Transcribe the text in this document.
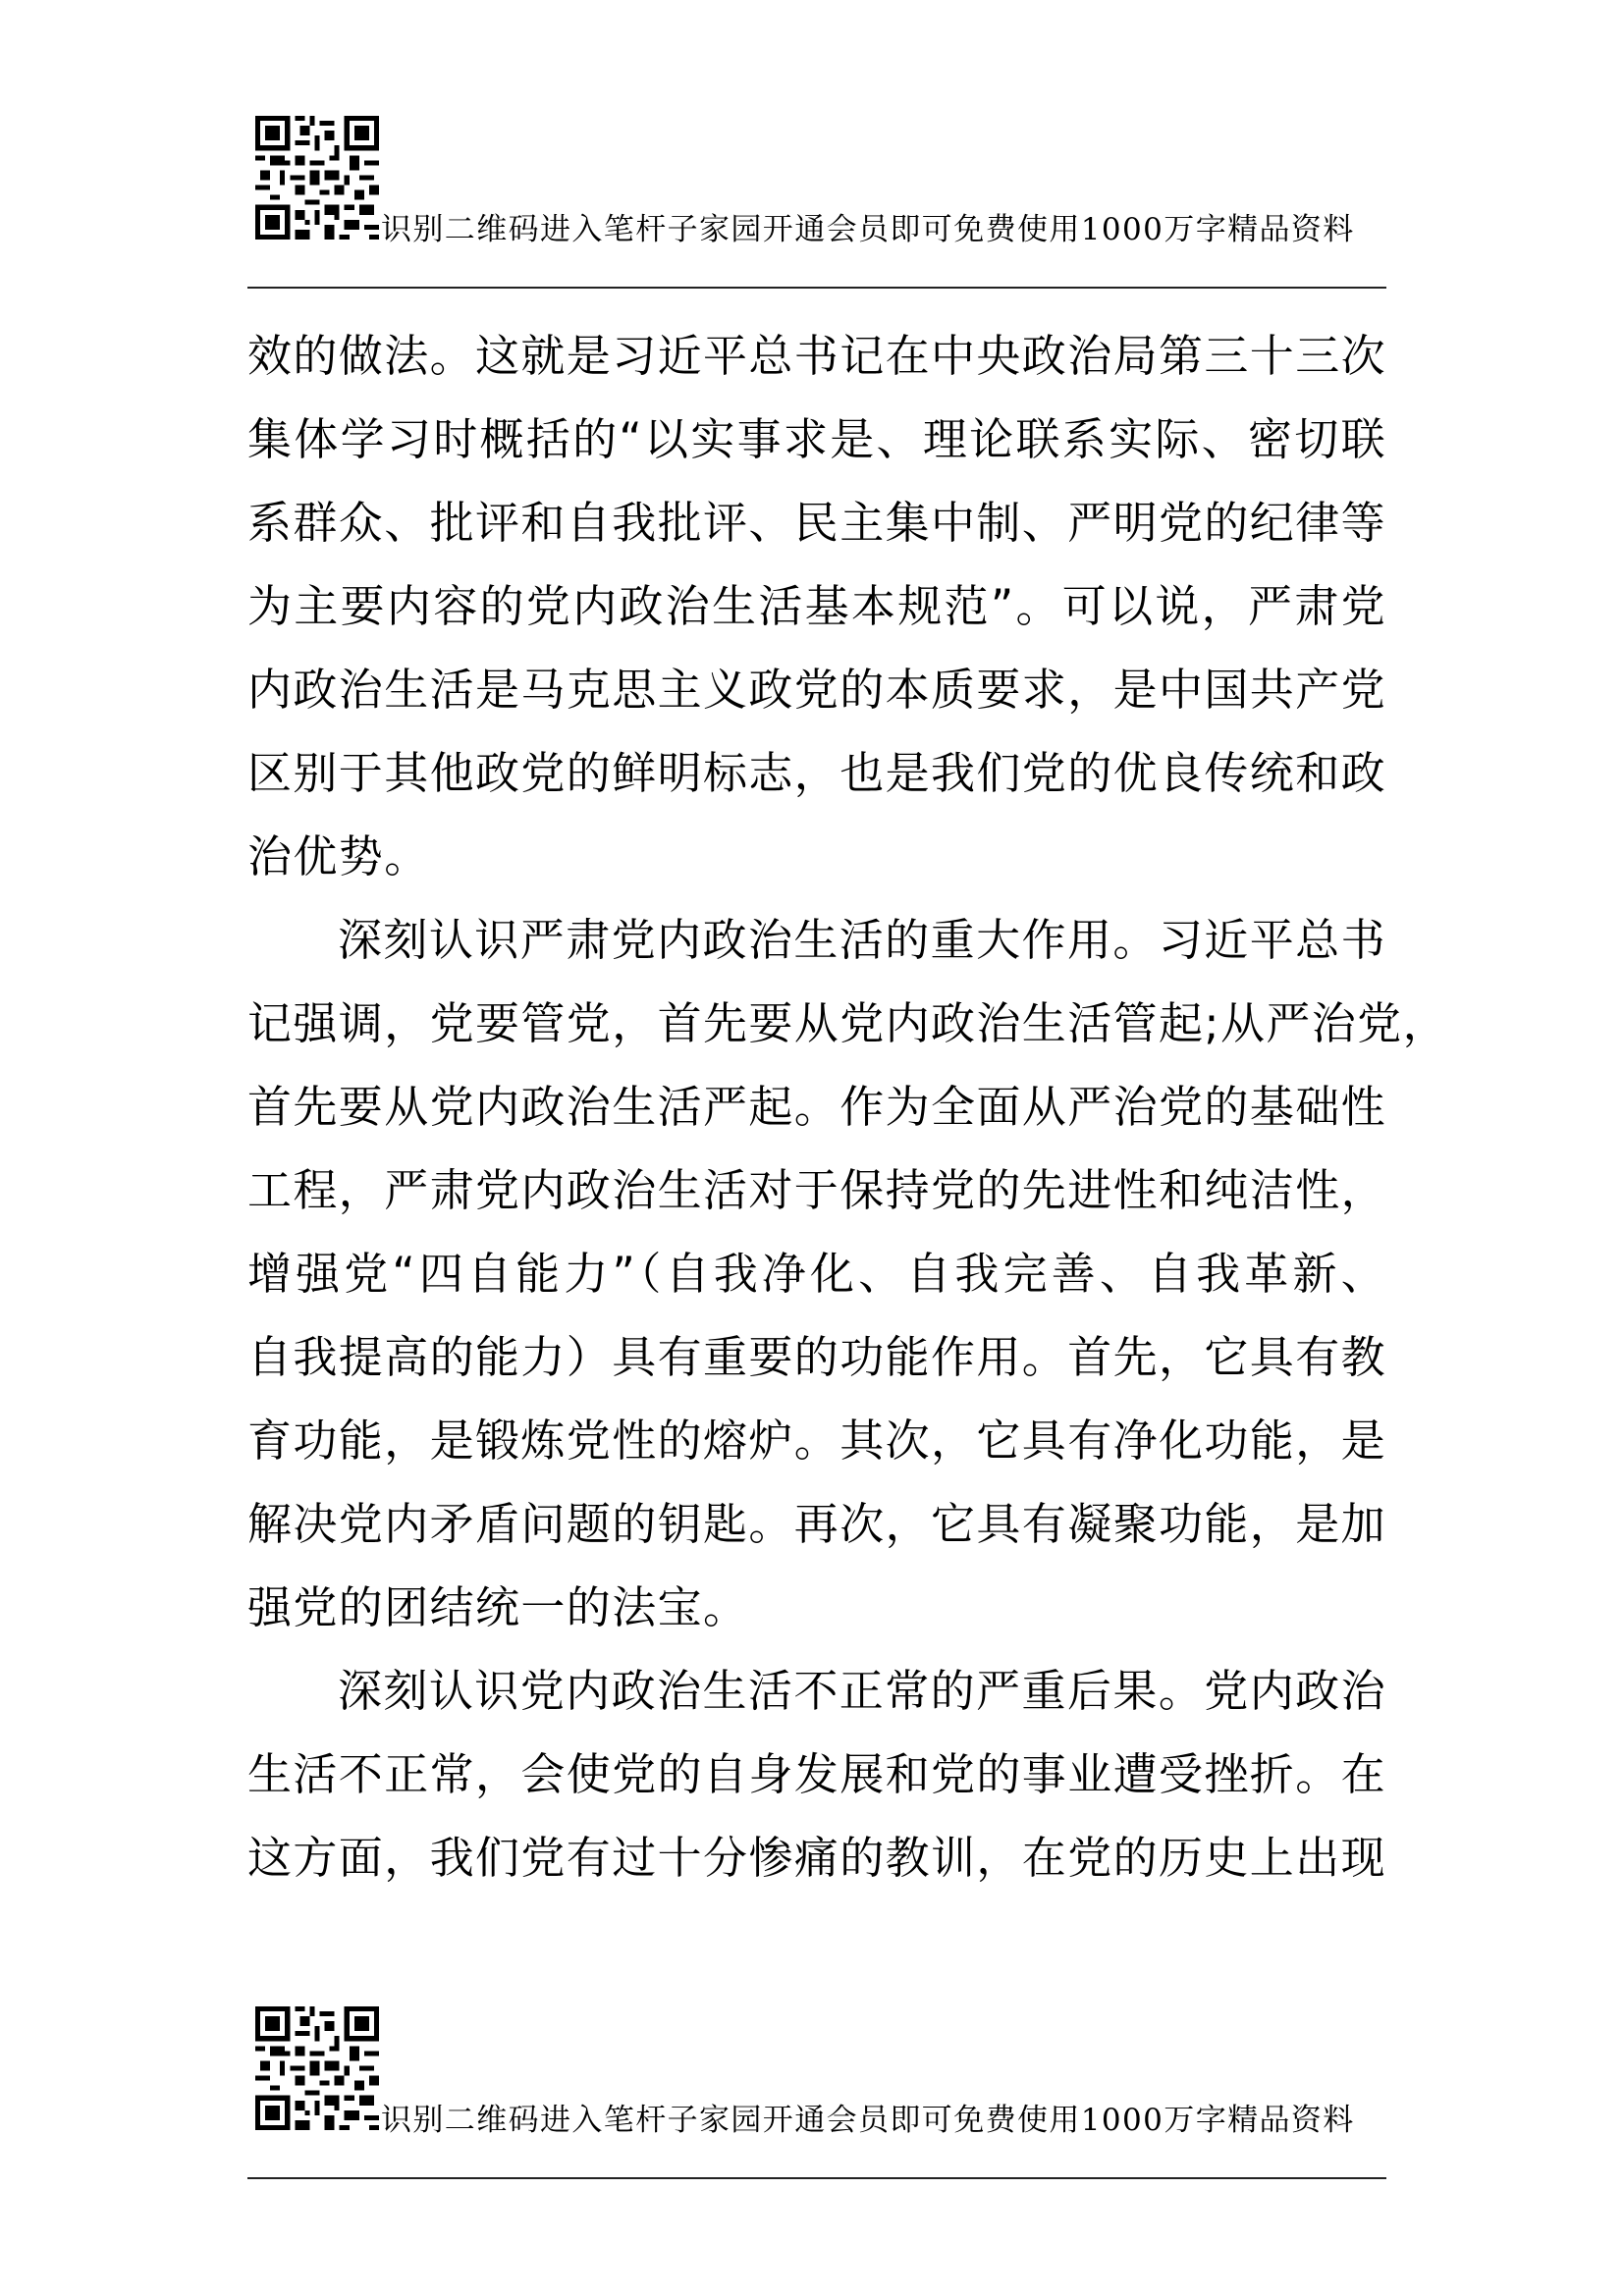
识别二维码进入笔杆子家园开通会员即可免费使用1000万字精品资料
效的做法。这就是习近平总书记在中央政治局第三十三次
集体学习时概括的“以实事求是、理论联系实际、密切联
系群众、批评和自我批评、民主集中制、严明党的纪律等
为主要内容的党内政治生活基本规范”。可以说，严肃党
内政治生活是马克思主义政党的本质要求，是中国共产党
区别于其他政党的鲜明标志，也是我们党的优良传统和政
治优势。
深刻认识严肃党内政治生活的重大作用。习近平总书
记强调，党要管党，首先要从党内政治生活管起;从严治党，
首先要从党内政治生活严起。作为全面从严治党的基础性
工程，严肃党内政治生活对于保持党的先进性和纯洁性，
增强党“四自能力”（自我净化、自我完善、自我革新、
自我提高的能力）具有重要的功能作用。首先，它具有教
育功能，是锻炼党性的熔炉。其次，它具有净化功能，是
解决党内矛盾问题的钥匙。再次，它具有凝聚功能，是加
强党的团结统一的法宝。
深刻认识党内政治生活不正常的严重后果。党内政治
生活不正常，会使党的自身发展和党的事业遭受挫折。在
这方面，我们党有过十分惨痛的教训，在党的历史上出现
识别二维码进入笔杆子家园开通会员即可免费使用1000万字精品资料
